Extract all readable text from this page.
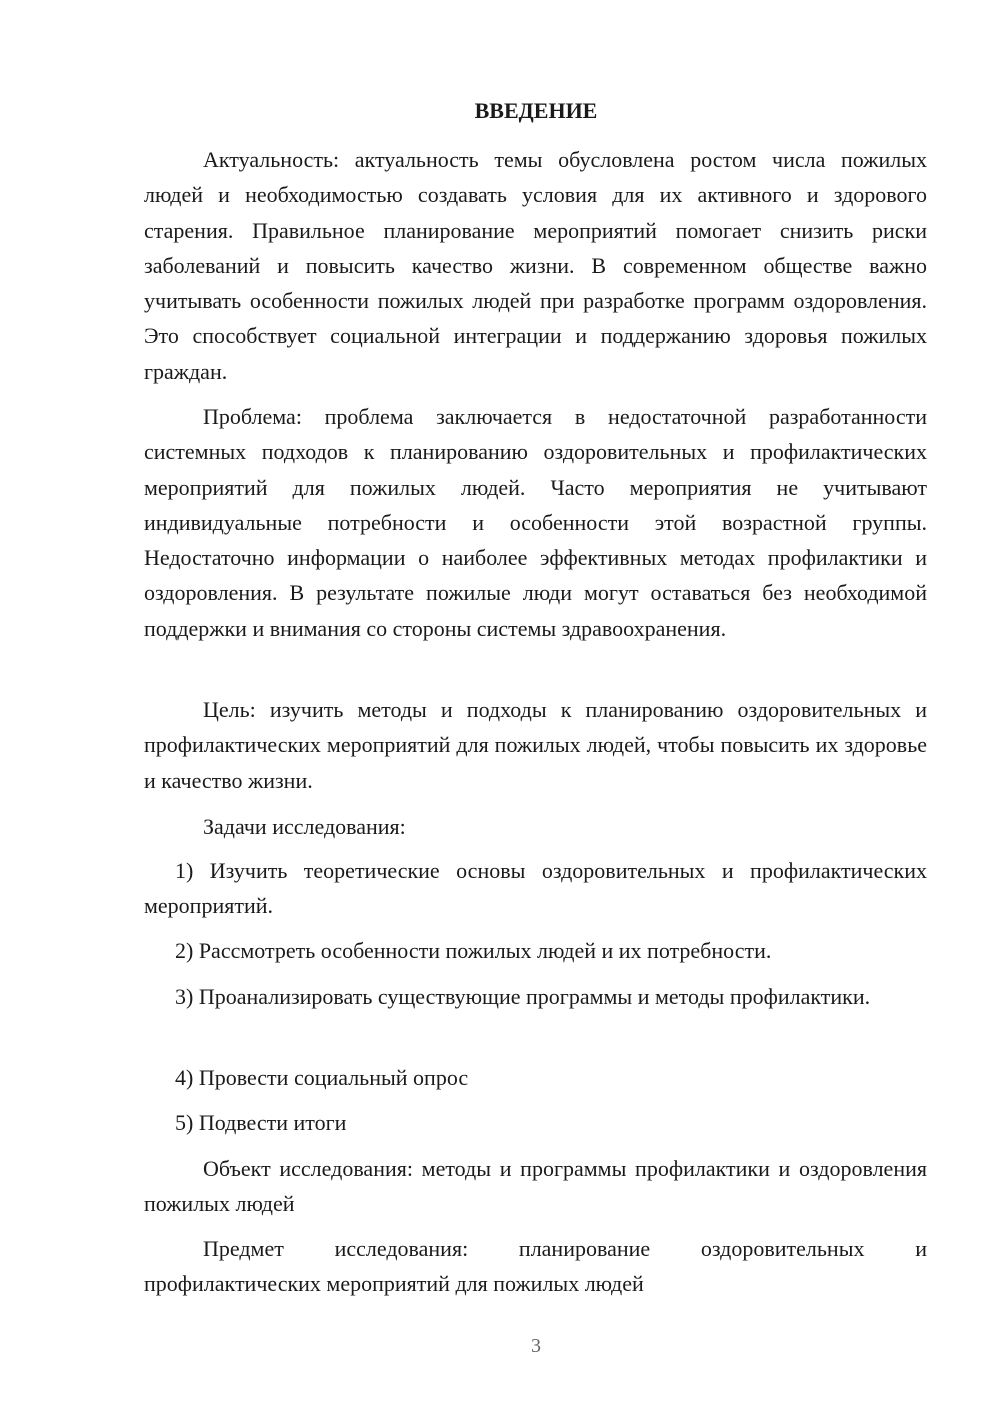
ВВЕДЕНИЕ

Актуальность: актуальность темы обусловлена ростом числа пожилых людей и необходимостью создавать условия для их активного и здорового старения. Правильное планирование мероприятий помогает снизить риски заболеваний и повысить качество жизни. В современном обществе важно учитывать особенности пожилых людей при разработке программ оздоровления. Это способствует социальной интеграции и поддержанию здоровья пожилых граждан.

Проблема: проблема заключается в недостаточной разработанности системных подходов к планированию оздоровительных и профилактических мероприятий для пожилых людей. Часто мероприятия не учитывают индивидуальные потребности и особенности этой возрастной группы. Недостаточно информации о наиболее эффективных методах профилактики и оздоровления. В результате пожилые люди могут оставаться без необходимой поддержки и внимания со стороны системы здравоохранения.

Цель: изучить методы и подходы к планированию оздоровительных и профилактических мероприятий для пожилых людей, чтобы повысить их здоровье и качество жизни.

Задачи исследования:

1) Изучить теоретические основы оздоровительных и профилактических мероприятий.

2) Рассмотреть особенности пожилых людей и их потребности.

3) Проанализировать существующие программы и методы профилактики.

4) Провести социальный опрос

5) Подвести итоги

Объект исследования: методы и программы профилактики и оздоровления пожилых людей

Предмет исследования: планирование оздоровительных и профилактических мероприятий для пожилых людей

3
